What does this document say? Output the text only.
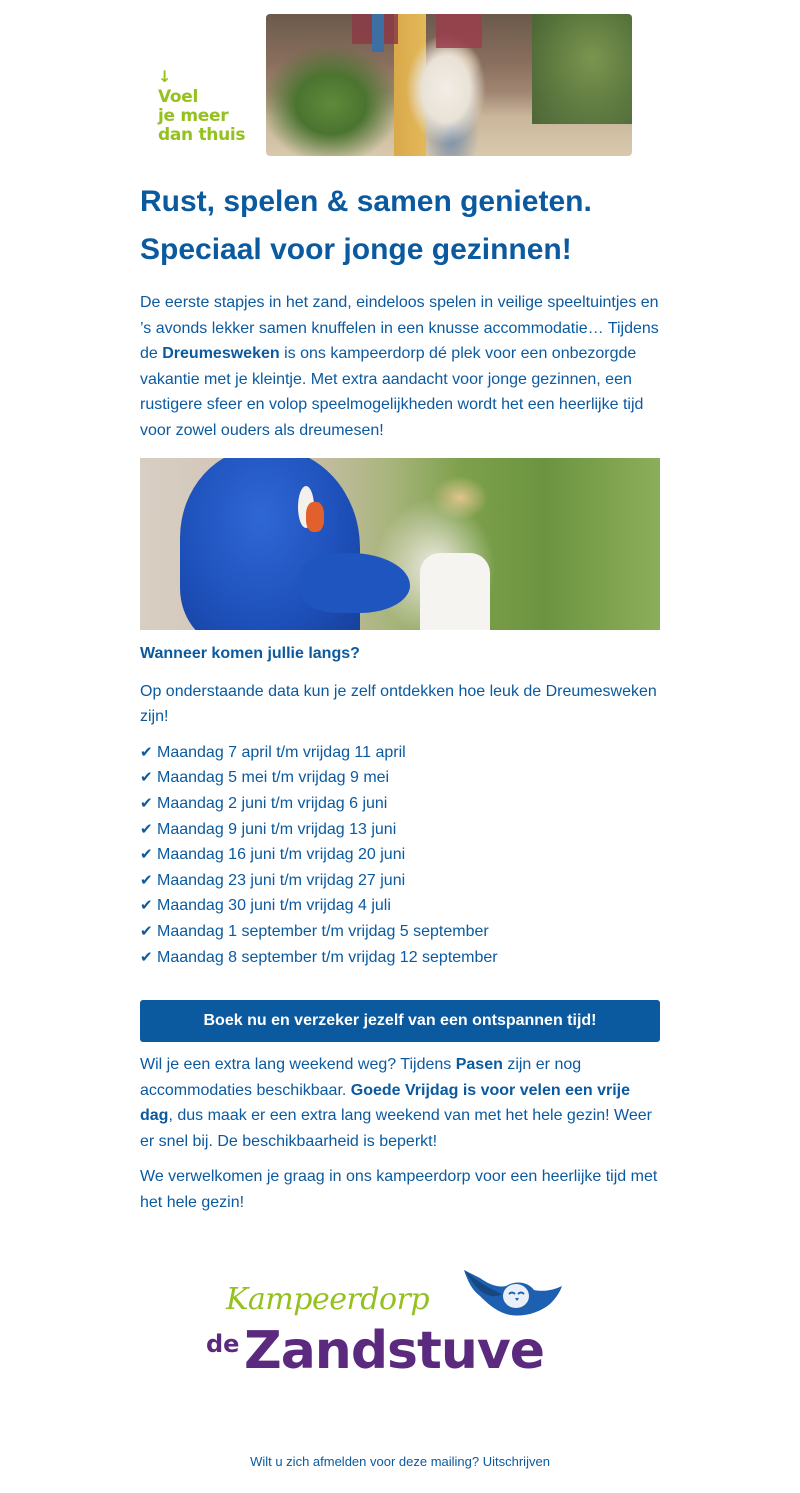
↓
Voel
je meer
dan thuis
Rust, spelen & samen genieten.
Speciaal voor jonge gezinnen!

De eerste stapjes in het zand, eindeloos spelen in veilige speeltuintjes en ’s avonds lekker samen knuffelen in een knusse accommodatie… Tijdens de Dreumesweken is ons kampeerdorp dé plek voor een onbezorgde vakantie met je kleintje. Met extra aandacht voor jonge gezinnen, een rustigere sfeer en volop speelmogelijkheden wordt het een heerlijke tijd voor zowel ouders als dreumesen!

Wanneer komen jullie langs?

Op onderstaande data kun je zelf ontdekken hoe leuk de Dreumesweken zijn!

✔ Maandag 7 april t/m vrijdag 11 april
✔ Maandag 5 mei t/m vrijdag 9 mei
✔ Maandag 2 juni t/m vrijdag 6 juni
✔ Maandag 9 juni t/m vrijdag 13 juni
✔ Maandag 16 juni t/m vrijdag 20 juni
✔ Maandag 23 juni t/m vrijdag 27 juni
✔ Maandag 30 juni t/m vrijdag 4 juli
✔ Maandag 1 september t/m vrijdag 5 september
✔ Maandag 8 september t/m vrijdag 12 september
Boek nu en verzeker jezelf van een ontspannen tijd!

Wil je een extra lang weekend weg? Tijdens Pasen zijn er nog accommodaties beschikbaar. Goede Vrijdag is voor velen een vrije dag, dus maak er een extra lang weekend van met het hele gezin! Weer er snel bij. De beschikbaarheid is beperkt!

We verwelkomen je graag in ons kampeerdorp voor een heerlijke tijd met het hele gezin!

Kampeerdorp
de Zandstuve
Wilt u zich afmelden voor deze mailing? Uitschrijven
